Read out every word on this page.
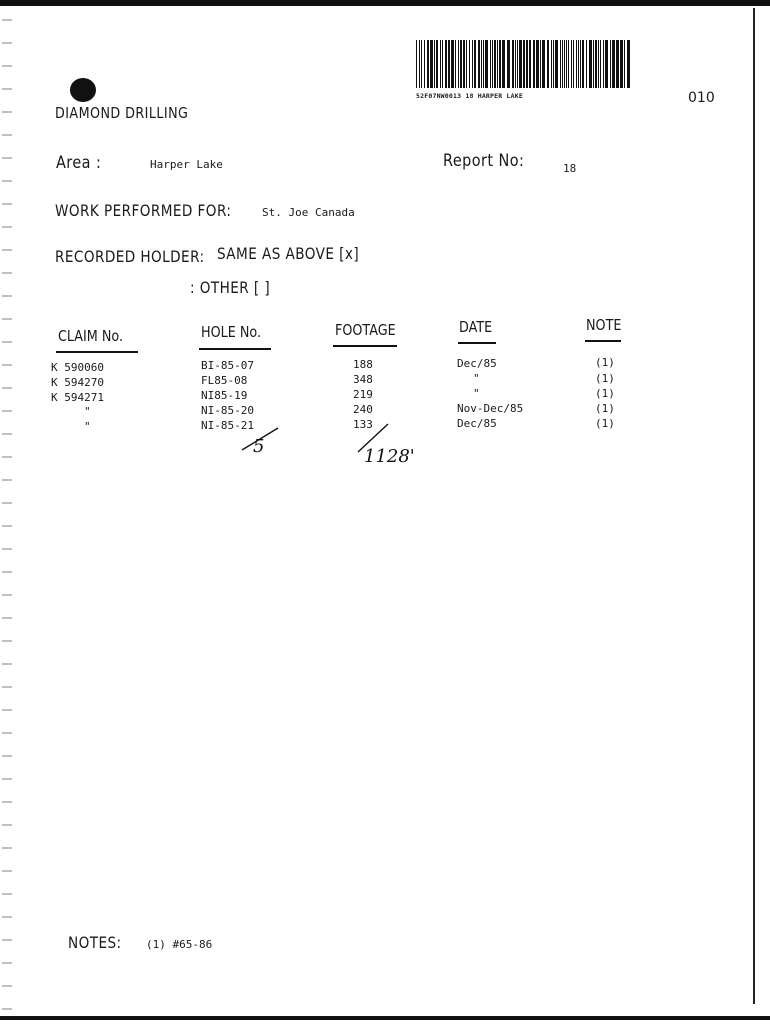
52F07NW0013 18 HARPER LAKE	010
DIAMOND DRILLING
Area :	Harper Lake	Report No:	18
WORK PERFORMED FOR:	St. Joe Canada
RECORDED HOLDER: SAME AS ABOVE [x]
: OTHER [ ]
CLAIM No.	HOLE No.	FOOTAGE	DATE	NOTE
K 590060	BI-85-07	188	Dec/85	(1)
K 594270	FL85-08	348	"	(1)
K 594271	NI85-19	219	"	(1)
"	NI-85-20	240	Nov-Dec/85	(1)
"	NI-85-21	133	Dec/85	(1)
5	1128'
NOTES: (1) #65-86
